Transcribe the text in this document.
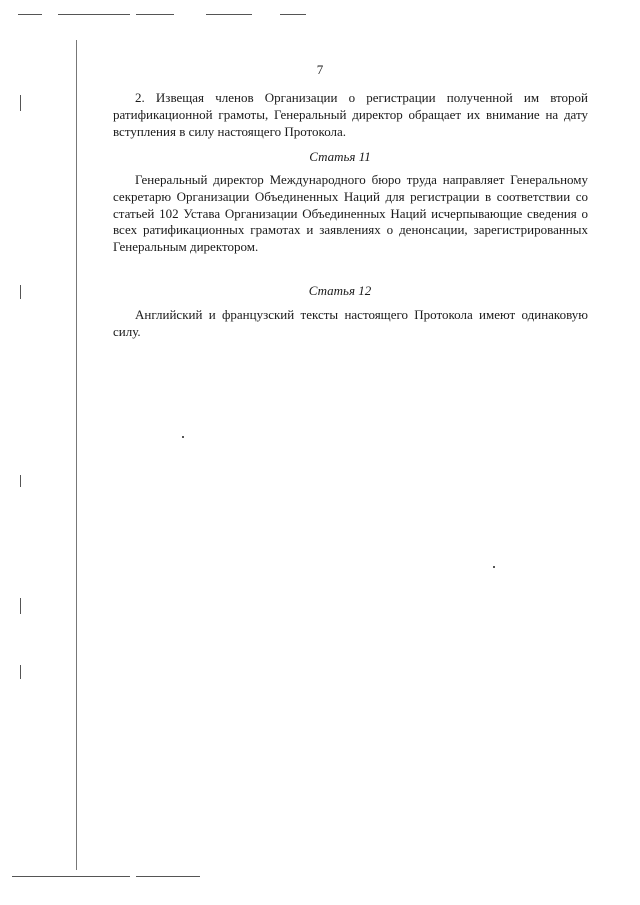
7

2. Извещая членов Организации о регистрации полученной им второй ратификационной грамоты, Генеральный директор обращает их внимание на дату вступления в силу настоящего Протокола.

Статья 11

Генеральный директор Международного бюро труда направляет Генеральному секретарю Организации Объединенных Наций для регистрации в соответствии со статьей 102 Устава Организации Объединенных Наций исчерпывающие сведения о всех ратификационных грамотах и заявлениях о денонсации, зарегистрированных Генеральным директором.

Статья 12

Английский и французский тексты настоящего Протокола имеют одинаковую силу.
